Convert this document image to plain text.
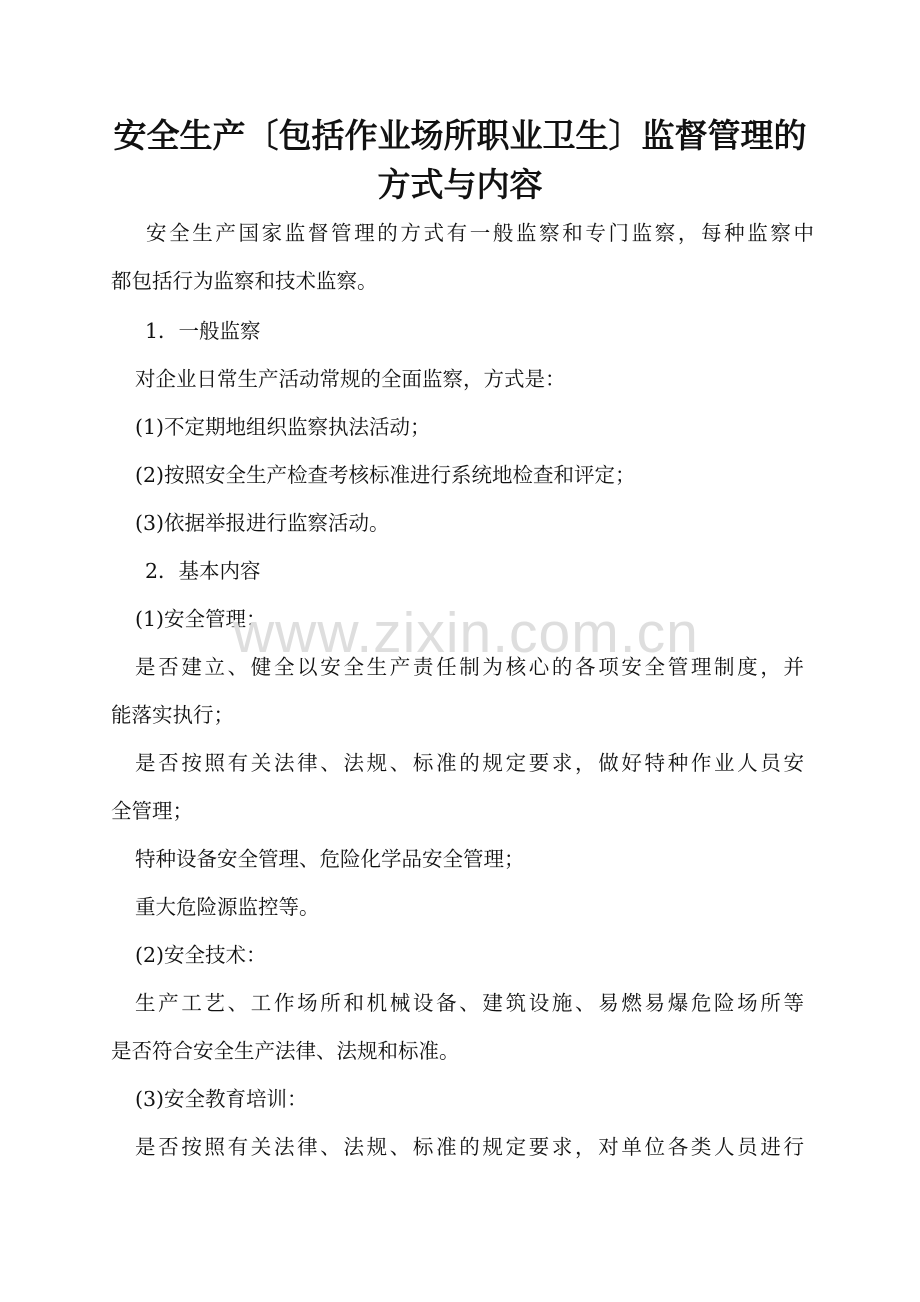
安全生产〔包括作业场所职业卫生〕监督管理的
方式与内容

安全生产国家监督管理的方式有一般监察和专门监察，每种监察中

都包括行为监察和技术监察。

1．一般监察

对企业日常生产活动常规的全面监察，方式是：

(1)不定期地组织监察执法活动；

(2)按照安全生产检查考核标准进行系统地检查和评定；

(3)依据举报进行监察活动。

2．基本内容

(1)安全管理：

是否建立、健全以安全生产责任制为核心的各项安全管理制度，并

能落实执行；

是否按照有关法律、法规、标准的规定要求，做好特种作业人员安

全管理；

特种设备安全管理、危险化学品安全管理；

重大危险源监控等。

(2)安全技术：

生产工艺、工作场所和机械设备、建筑设施、易燃易爆危险场所等

是否符合安全生产法律、法规和标准。

(3)安全教育培训：

是否按照有关法律、法规、标准的规定要求，对单位各类人员进行

www.zixin.com.cn
